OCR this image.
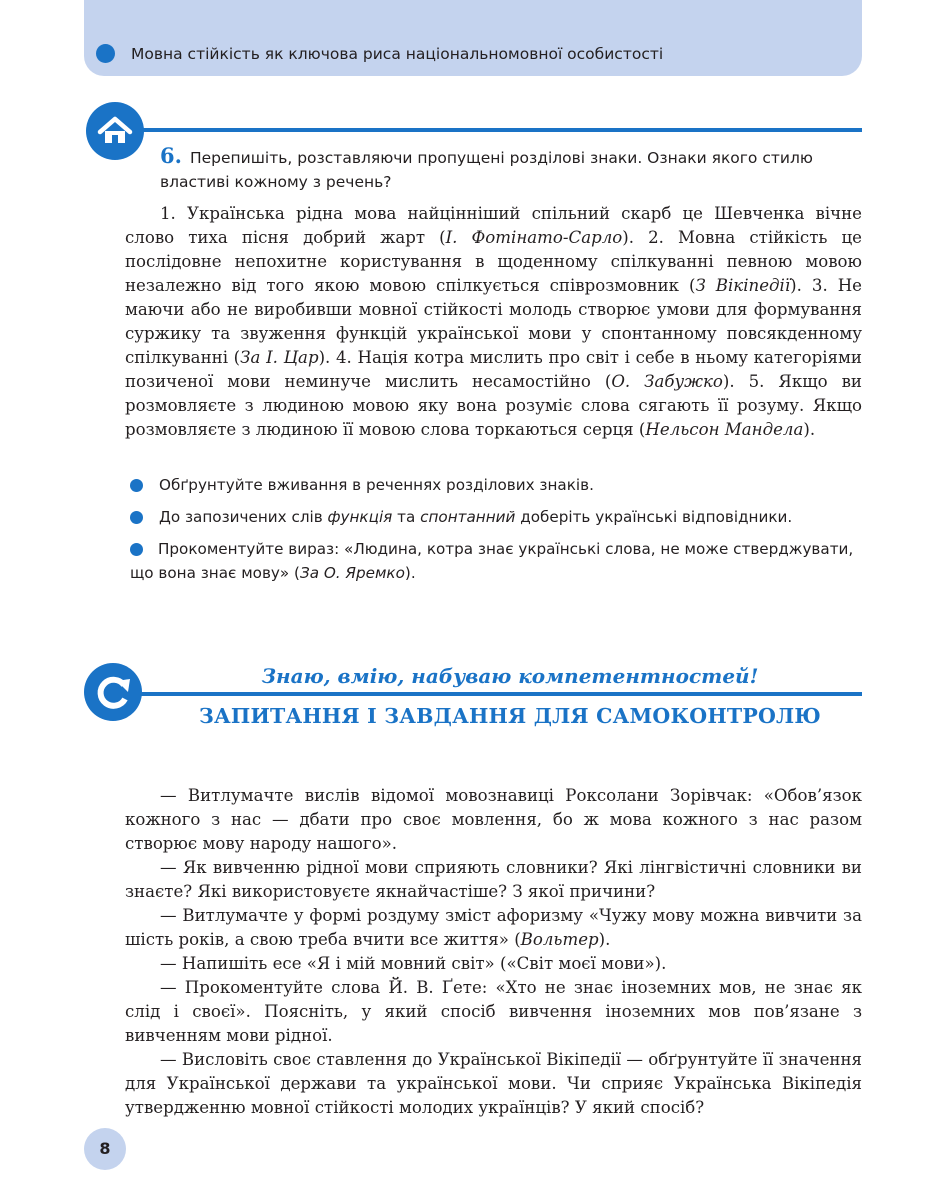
Мовна стійкість як ключова риса національномовної особистості
6. Перепишіть, розставляючи пропущені розділові знаки. Ознаки якого стилю властиві кожному з речень?

1. Українська рідна мова найцінніший спільний скарб це Шевченка вічне слово тиха пісня добрий жарт (І. Фотінато-Сарло). 2. Мовна стійкість це послідовне непохитне користування в щоденному спілкуванні певною мовою незалежно від того якою мовою спілкується співрозмовник (З Вікіпедії). 3. Не маючи або не виробивши мовної стійкості молодь створює умови для формування суржику та звуження функцій української мови у спонтанному повсякденному спілкуванні (За І. Цар). 4. Нація котра мислить про світ і себе в ньому категоріями позиченої мови неминуче мислить несамостійно (О. Забужко). 5. Якщо ви розмовляєте з людиною мовою яку вона розуміє слова сягають її розуму. Якщо розмовляєте з людиною її мовою слова торкаються серця (Нельсон Мандела).

Обґрунтуйте вживання в реченнях розділових знаків.
До запозичених слів функція та спонтанний доберіть українські відповідники.
Прокоментуйте вираз: «Людина, котра знає українські слова, не може стверджувати, що вона знає мову» (За О. Яремко).
Знаю, вмію, набуваю компетентностей!
ЗАПИТАННЯ І ЗАВДАННЯ ДЛЯ САМОКОНТРОЛЮ

— Витлумачте вислів відомої мовознавиці Роксолани Зорівчак: «Обов’язок кожного з нас — дбати про своє мовлення, бо ж мова кожного з нас разом створює мову народу нашого».

— Як вивченню рідної мови сприяють словники? Які лінгвістичні словники ви знаєте? Які використовуєте якнайчастіше? З якої причини?

— Витлумачте у формі роздуму зміст афоризму «Чужу мову можна вивчити за шість років, а свою треба вчити все життя» (Вольтер).

— Напишіть есе «Я і мій мовний світ» («Світ моєї мови»).

— Прокоментуйте слова Й. В. Ґете: «Хто не знає іноземних мов, не знає як слід і своєї». Поясніть, у який спосіб вивчення іноземних мов пов’язане з вивченням мови рідної.

— Висловіть своє ставлення до Української Вікіпедії — обґрунтуйте її значення для Української держави та української мови. Чи сприяє Українська Вікіпедія утвердженню мовної стійкості молодих українців? У який спосіб?

8
